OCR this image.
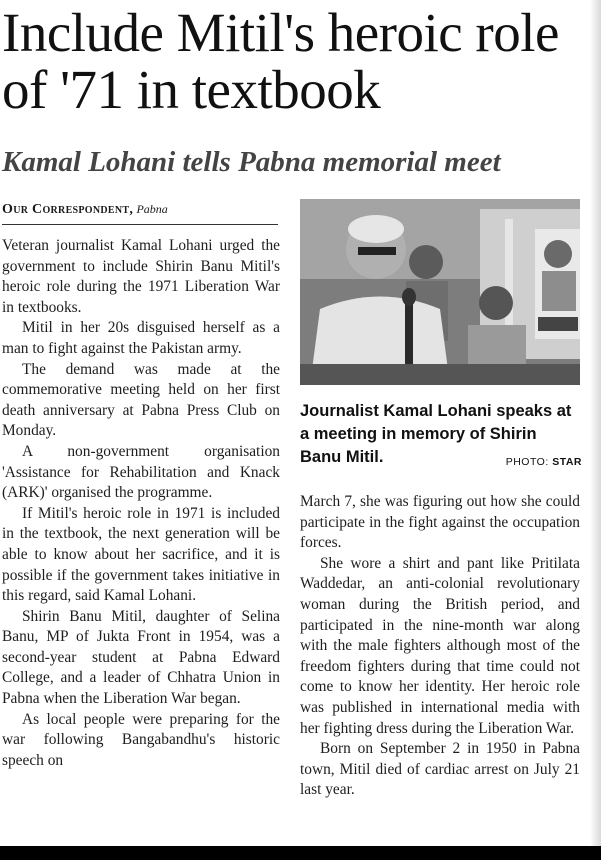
Include Mitil's heroic role of '71 in textbook
Kamal Lohani tells Pabna memorial meet
Our Correspondent, Pabna

Veteran journalist Kamal Lohani urged the government to include Shirin Banu Mitil's heroic role during the 1971 Liberation War in textbooks.

Mitil in her 20s disguised herself as a man to fight against the Pakistan army.

The demand was made at the commemorative meeting held on her first death anniversary at Pabna Press Club on Monday.

A non-government organisation 'Assistance for Rehabilitation and Knack (ARK)' organised the programme.

If Mitil's heroic role in 1971 is included in the textbook, the next generation will be able to know about her sacrifice, and it is possible if the government takes initiative in this regard, said Kamal Lohani.

Shirin Banu Mitil, daughter of Selina Banu, MP of Jukta Front in 1954, was a second-year student at Pabna Edward College, and a leader of Chhatra Union in Pabna when the Liberation War began.

As local people were preparing for the war following Bangabandhu's historic speech on

Journalist Kamal Lohani speaks at a meeting in memory of Shirin Banu Mitil.	PHOTO: STAR

March 7, she was figuring out how she could participate in the fight against the occupation forces.

She wore a shirt and pant like Pritilata Waddedar, an anti-colonial revolutionary woman during the British period, and participated in the nine-month war along with the male fighters although most of the freedom fighters during that time could not come to know her identity. Her heroic role was published in international media with her fighting dress during the Liberation War.

Born on September 2 in 1950 in Pabna town, Mitil died of cardiac arrest on July 21 last year.
